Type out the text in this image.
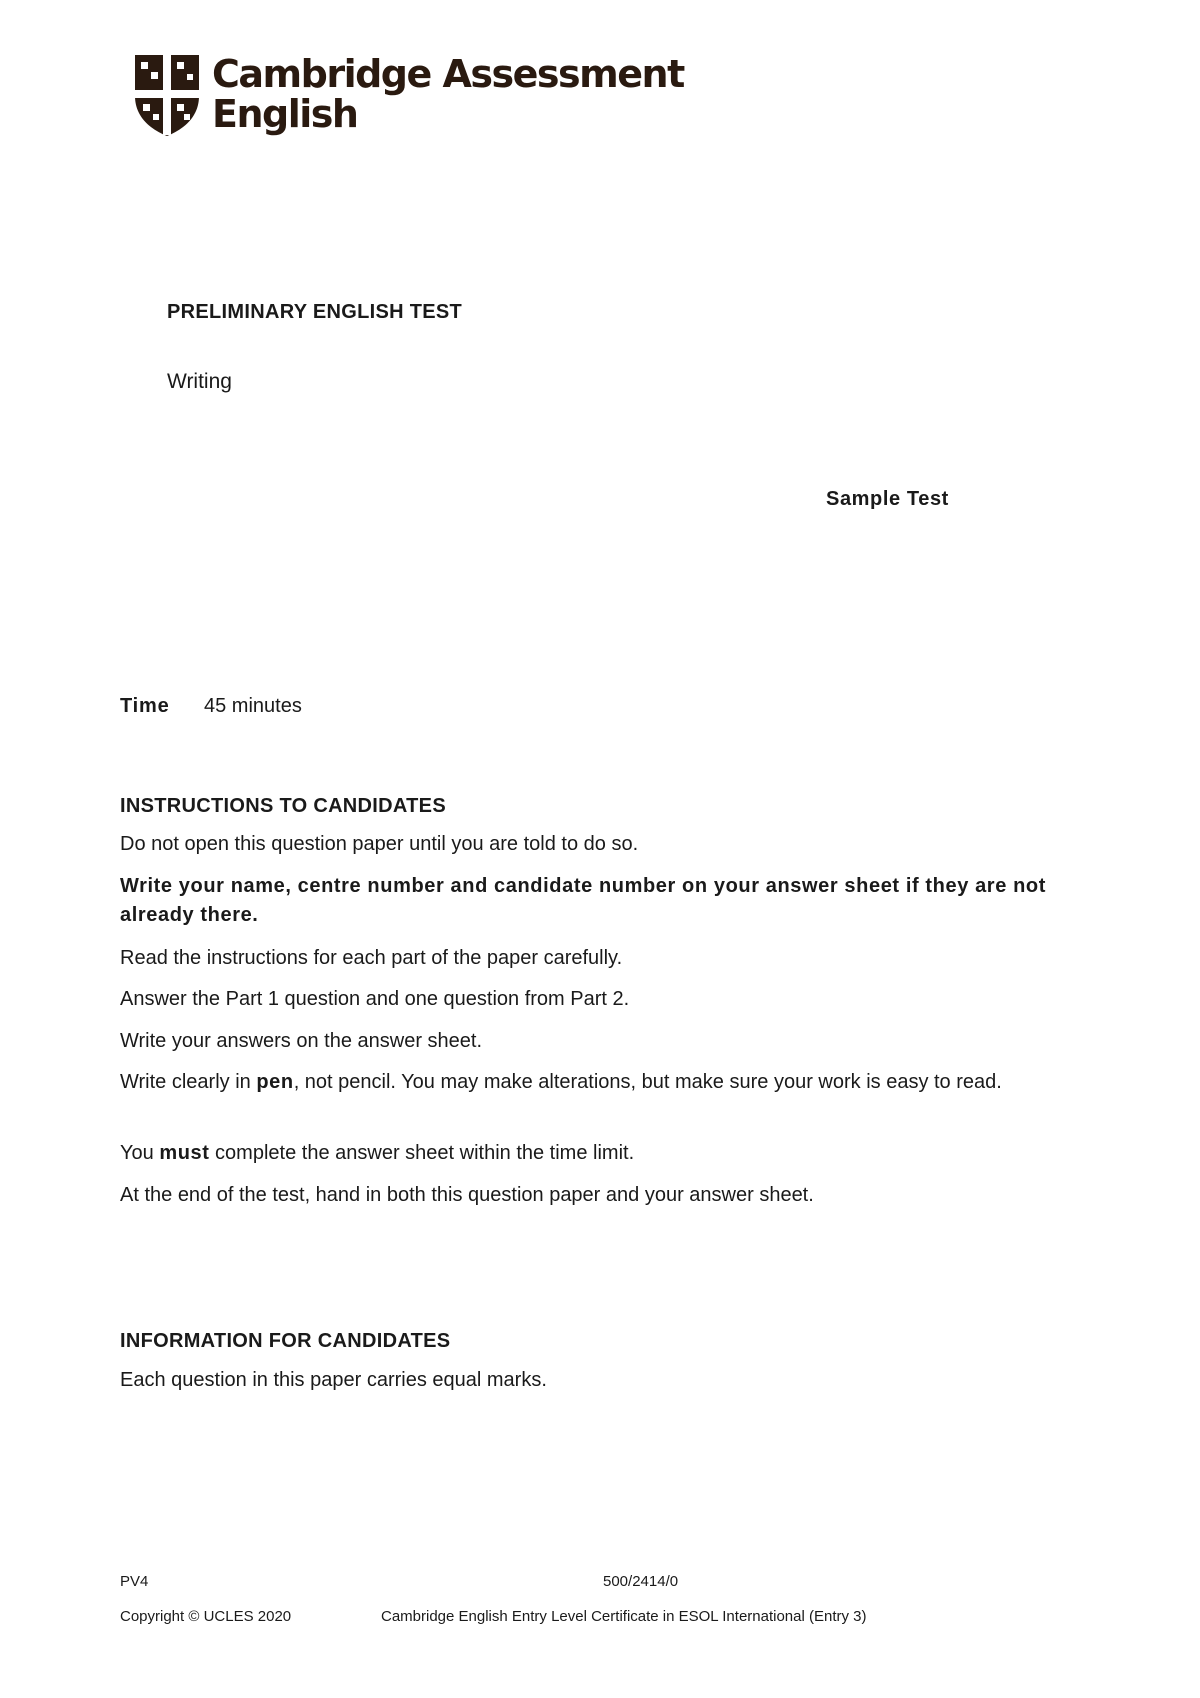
Cambridge Assessment
English
PRELIMINARY ENGLISH TEST
Writing
Sample Test
Time 45 minutes
INSTRUCTIONS TO CANDIDATES
Do not open this question paper until you are told to do so.
Write your name, centre number and candidate number on your answer sheet if they are not already there.
Read the instructions for each part of the paper carefully.
Answer the Part 1 question and one question from Part 2.
Write your answers on the answer sheet.
Write clearly in pen, not pencil. You may make alterations, but make sure your work is easy to read.
You must complete the answer sheet within the time limit.
At the end of the test, hand in both this question paper and your answer sheet.
INFORMATION FOR CANDIDATES
Each question in this paper carries equal marks.
PV4	500/2414/0
Copyright © UCLES 2020	Cambridge English Entry Level Certificate in ESOL International (Entry 3)
